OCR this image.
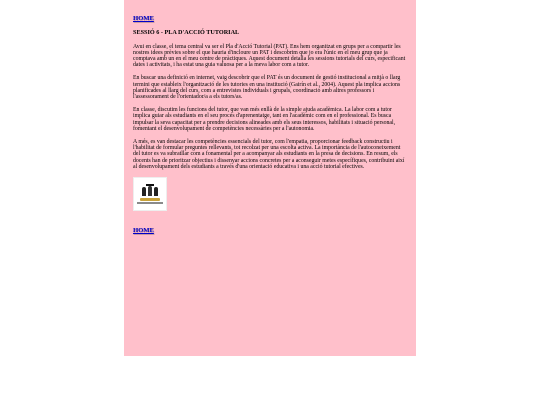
HOME
SESSIÓ 6 - PLA D'ACCIÓ TUTORIAL

Avui en classe, el tema central va ser el Pla d'Acció Tutorial (PAT). Ens hem organitzat en grups per a compartir les nostres idees prèvies sobre el que hauria d'incloure un PAT i descobrim que jo era l'únic en el meu grup que ja comptava amb un en el meu centre de pràctiques. Aquest document detalla les sessions tutorials del curs, especificant dates i activitats, i ha estat una guia valuosa per a la meva labor com a tutor.

En buscar una definició en internet, vaig descobrir que el PAT és un document de gestió institucional a mitjà o llarg termini que estableix l'organització de les tutories en una institució (Gairín et al., 2004). Aquest pla implica accions planificades al llarg del curs, com a entrevistes individuals i grupals, coordinació amb altres professors i l'assessorament de l'orientador/a a els tutors/as.

En classe, discutim les funcions del tutor, que van més enllà de la simple ajuda acadèmica. La labor com a tutor implica guiar als estudiants en el seu procés d'aprenentatge, tant en l'acadèmic com en el professional. Es busca impulsar la seva capacitat per a prendre decisions alineades amb els seus interessos, habilitats i situació personal, fomentant el desenvolupament de competències necessàries per a l'autonomia.

A més, es van destacar les competències essencials del tutor, com l'empatia, proporcionar feedback constructiu i l'habilitat de formular preguntes rellevants, tot recolzat per una escolta activa. La importància de l'autoconeixement del tutor es va subratllar com a fonamental per a acompanyar als estudiants en la presa de decisions. En resum, els docents han de prioritzar objectius i dissenyar accions concretes per a aconseguir metes específiques, contribuint així al desenvolupament dels estudiants a través d'una orientació educativa i una acció tutorial efectives.

HOME
